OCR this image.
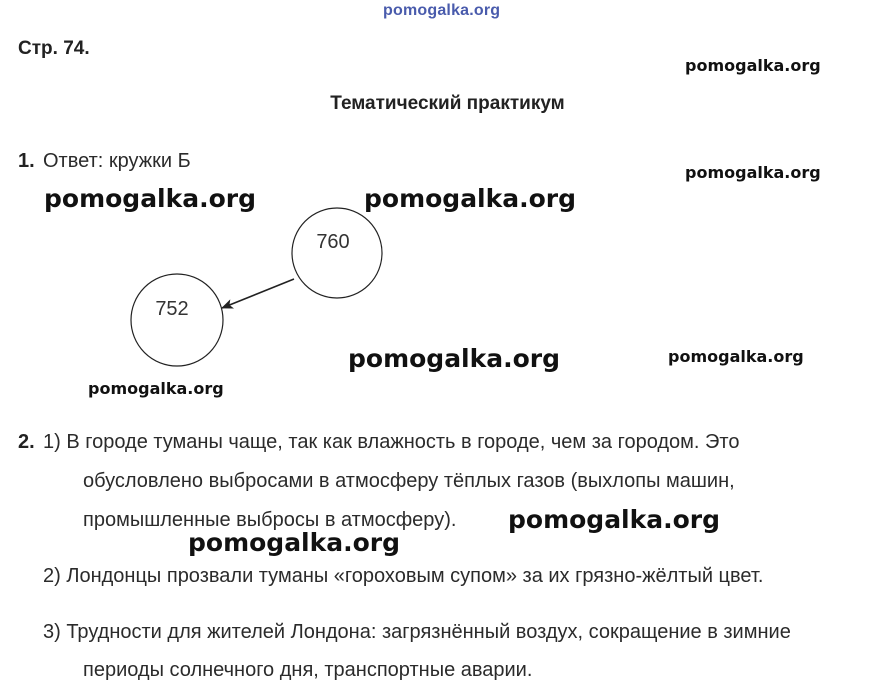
pomogalka.org
pomogalka.org
pomogalka.org
pomogalka.org	pomogalka.org
pomogalka.org	pomogalka.org
pomogalka.org
pomogalka.org
pomogalka.org
Стр. 74.
Тематический практикум
1. Ответ: кружки Б
760
752
2. 1) В городе туманы чаще, так как влажность в городе, чем за городом. Это
обусловлено выбросами в атмосферу тёплых газов (выхлопы машин,
промышленные выбросы в атмосферу).
2) Лондонцы прозвали туманы «гороховым супом» за их грязно-жёлтый цвет.
3) Трудности для жителей Лондона: загрязнённый воздух, сокращение в зимние
периоды солнечного дня, транспортные аварии.
